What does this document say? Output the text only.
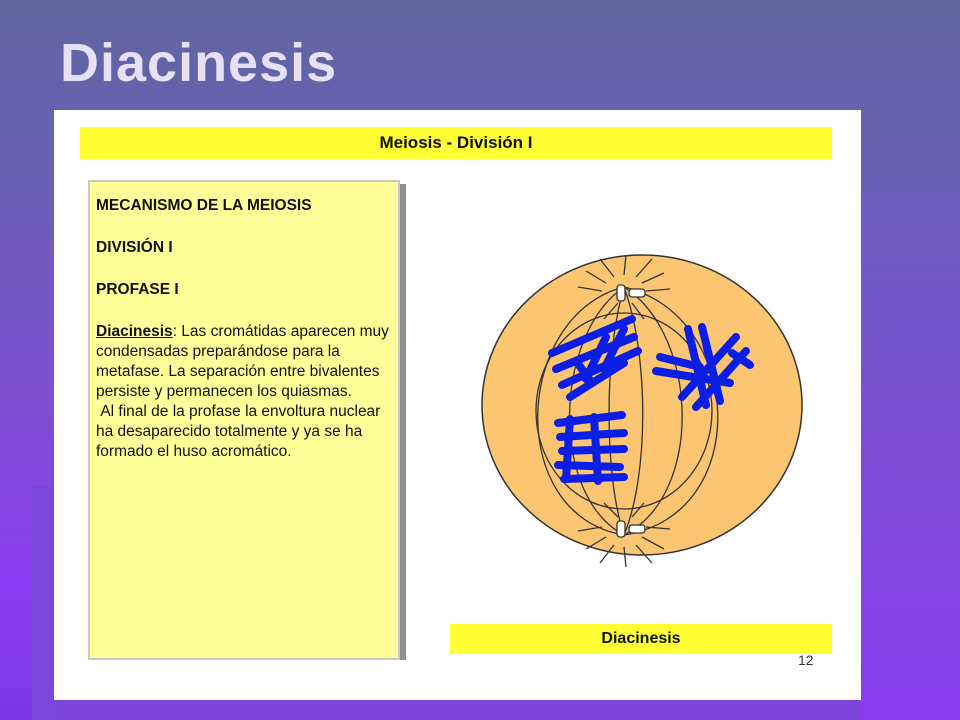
Diacinesis
Meiosis - División I

MECANISMO DE LA MEIOSIS

DIVISIÓN I

PROFASE I

Diacinesis: Las cromátidas aparecen muy condensadas preparándose para la metafase. La separación entre bivalentes persiste y permanecen los quiasmas.

Al final de la profase la envoltura nuclear ha desaparecido totalmente y ya se ha formado el huso acromático.

Diacinesis
12
